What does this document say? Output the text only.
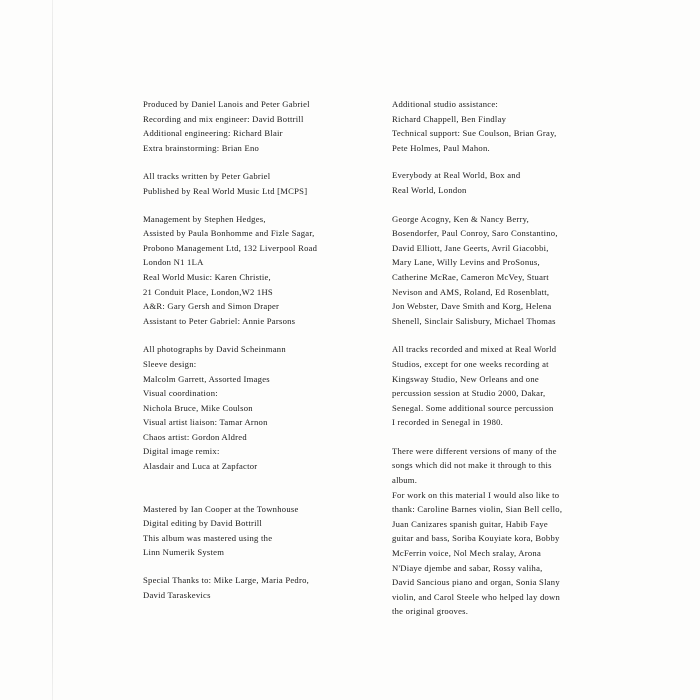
Produced by Daniel Lanois and Peter Gabriel
Recording and mix engineer: David Bottrill
Additional engineering: Richard Blair
Extra brainstorming: Brian Eno
All tracks written by Peter Gabriel
Published by Real World Music Ltd [MCPS]
Management by Stephen Hedges,
Assisted by Paula Bonhomme and Fizle Sagar,
Probono Management Ltd, 132 Liverpool Road
London N1 1LA
Real World Music: Karen Christie,
21 Conduit Place, London,W2 1HS
A&R: Gary Gersh and Simon Draper
Assistant to Peter Gabriel: Annie Parsons
All photographs by David Scheinmann
Sleeve design:
Malcolm Garrett, Assorted Images
Visual coordination:
Nichola Bruce, Mike Coulson
Visual artist liaison: Tamar Arnon
Chaos artist: Gordon Aldred
Digital image remix:
Alasdair and Luca at Zapfactor
Mastered by Ian Cooper at the Townhouse
Digital editing by David Bottrill
This album was mastered using the
Linn Numerik System
Special Thanks to: Mike Large, Maria Pedro,
David Taraskevics
Additional studio assistance:
Richard Chappell, Ben Findlay
Technical support: Sue Coulson, Brian Gray,
Pete Holmes, Paul Mahon.
Everybody at Real World, Box and
Real World, London
George Acogny, Ken & Nancy Berry,
Bosendorfer, Paul Conroy, Saro Constantino,
David Elliott, Jane Geerts, Avril Giacobbi,
Mary Lane, Willy Levins and ProSonus,
Catherine McRae, Cameron McVey, Stuart
Nevison and AMS, Roland, Ed Rosenblatt,
Jon Webster, Dave Smith and Korg, Helena
Shenell, Sinclair Salisbury, Michael Thomas
All tracks recorded and mixed at Real World
Studios, except for one weeks recording at
Kingsway Studio, New Orleans and one
percussion session at Studio 2000, Dakar,
Senegal. Some additional source percussion
I recorded in Senegal in 1980.
There were different versions of many of the
songs which did not make it through to this
album.
For work on this material I would also like to
thank: Caroline Barnes violin, Sian Bell cello,
Juan Canizares spanish guitar, Habib Faye
guitar and bass, Soriba Kouyiate kora, Bobby
McFerrin voice, Nol Mech sralay, Arona
N'Diaye djembe and sabar, Rossy valiha,
David Sancious piano and organ, Sonia Slany
violin, and Carol Steele who helped lay down
the original grooves.
